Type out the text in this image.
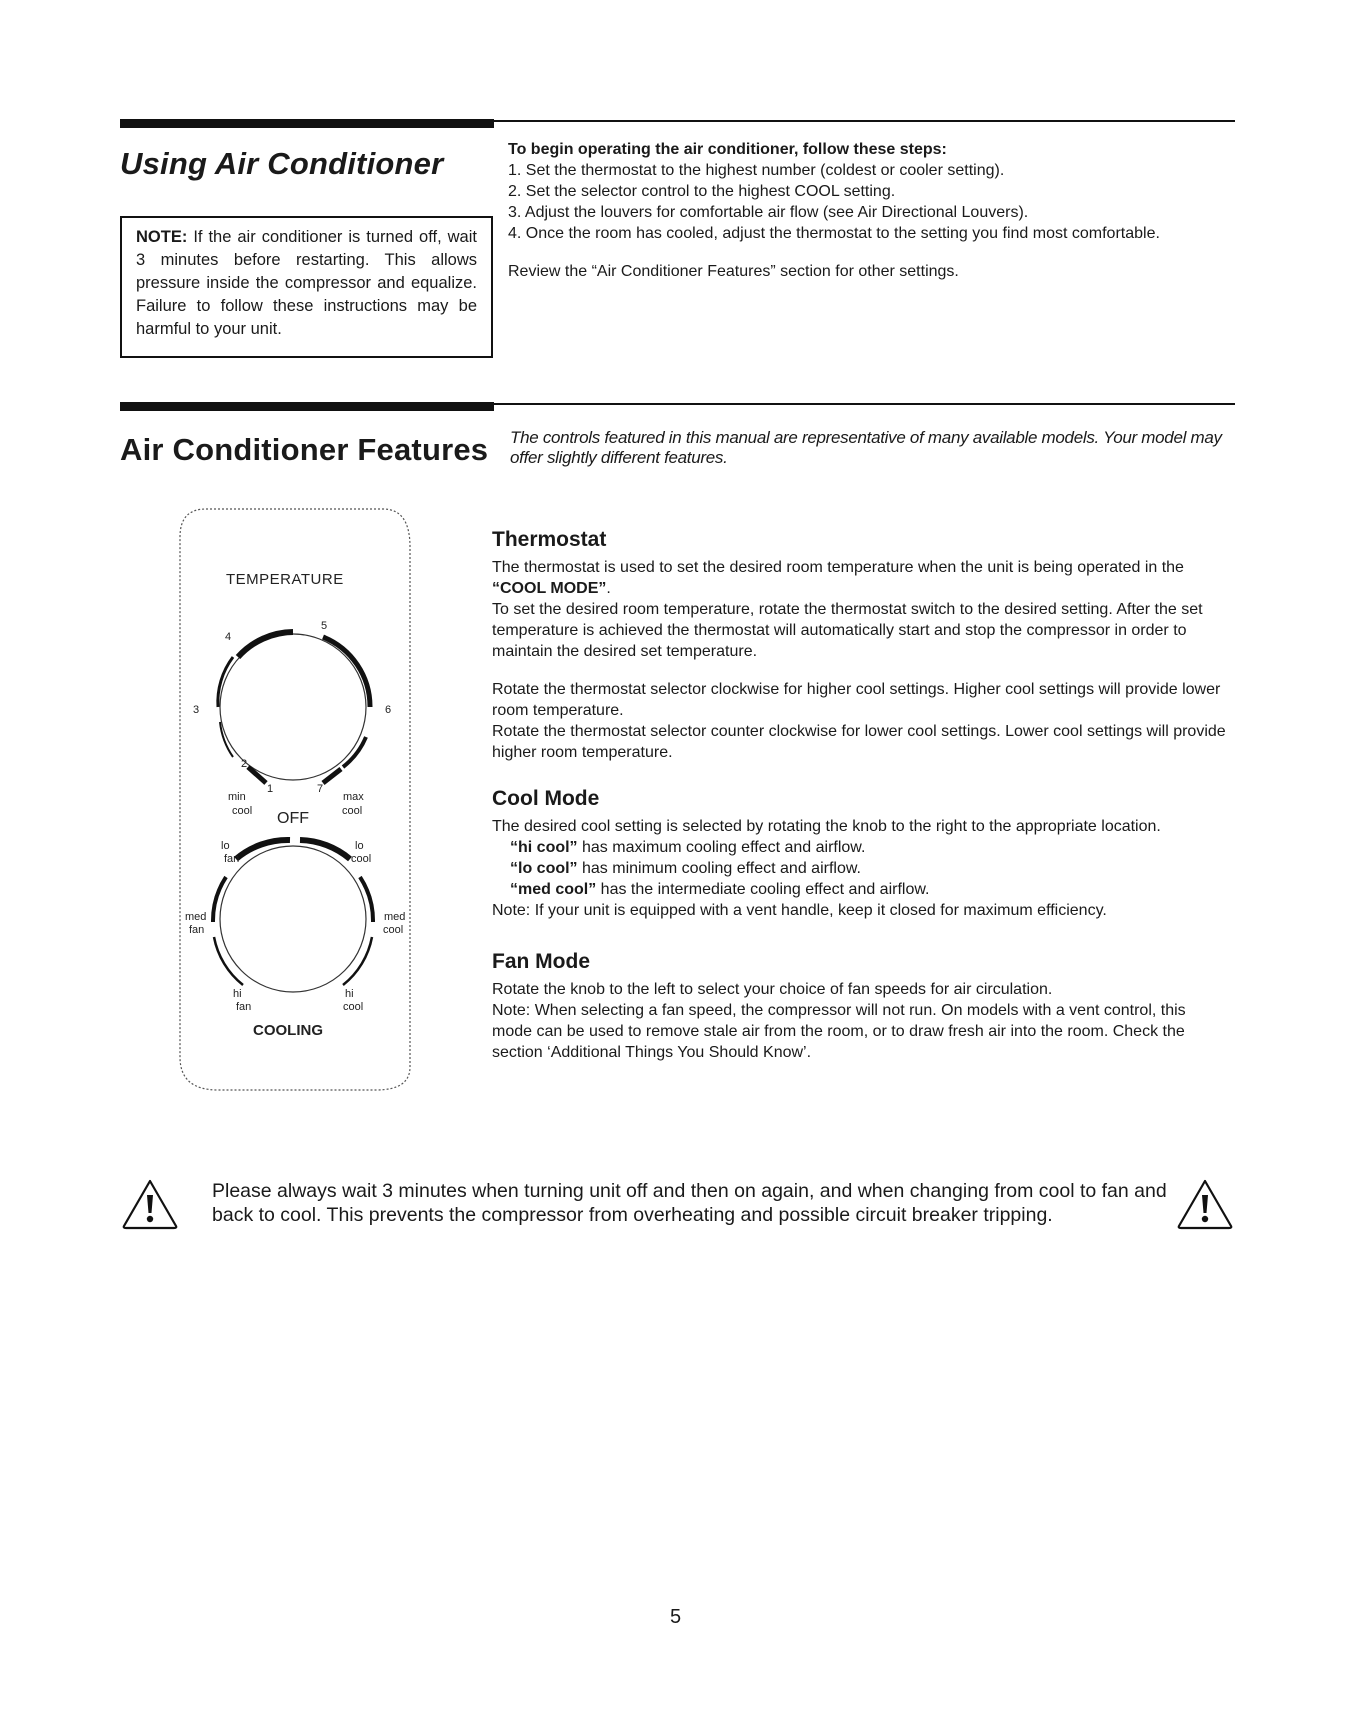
Using Air Conditioner
NOTE: If the air conditioner is turned off, wait 3 minutes before restarting. This allows pressure inside the compressor and equalize. Failure to follow these instructions may be harmful to your unit.
To begin operating the air conditioner, follow these steps:
1. Set the thermostat to the highest number (coldest or cooler setting).
2. Set the selector control to the highest COOL setting.
3. Adjust the louvers for comfortable air flow (see Air Directional Louvers).
4. Once the room has cooled, adjust the thermostat to the setting you find most comfortable.
Review the “Air Conditioner Features” section for other settings.
Air Conditioner Features The controls featured in this manual are representative of many available models. Your model may offer slightly different features.
TEMPERATURE
5
4
3	6
2
1	7
min
cool
max
cool
OFF
lo
fan
lo
cool
med
fan
med
cool
hi
fan
hi
cool
COOLING
Thermostat

The thermostat is used to set the desired room temperature when the unit is being operated in the “COOL MODE”.

To set the desired room temperature, rotate the thermostat switch to the desired setting. After the set temperature is achieved the thermostat will automatically start and stop the compressor in order to maintain the desired set temperature.

Rotate the thermostat selector clockwise for higher cool settings. Higher cool settings will provide lower room temperature.

Rotate the thermostat selector counter clockwise for lower cool settings. Lower cool settings will provide higher room temperature.

Cool Mode

The desired cool setting is selected by rotating the knob to the right to the appropriate location.

“hi cool” has maximum cooling effect and airflow.

“lo cool” has minimum cooling effect and airflow.

“med cool” has the intermediate cooling effect and airflow.

Note: If your unit is equipped with a vent handle, keep it closed for maximum efficiency.

Fan Mode

Rotate the knob to the left to select your choice of fan speeds for air circulation.

Note: When selecting a fan speed, the compressor will not run. On models with a vent control, this mode can be used to remove stale air from the room, or to draw fresh air into the room. Check the section ‘Additional Things You Should Know’.

Please always wait 3 minutes when turning unit off and then on again, and when changing from cool to fan and back to cool. This prevents the compressor from overheating and possible circuit breaker tripping.
5
